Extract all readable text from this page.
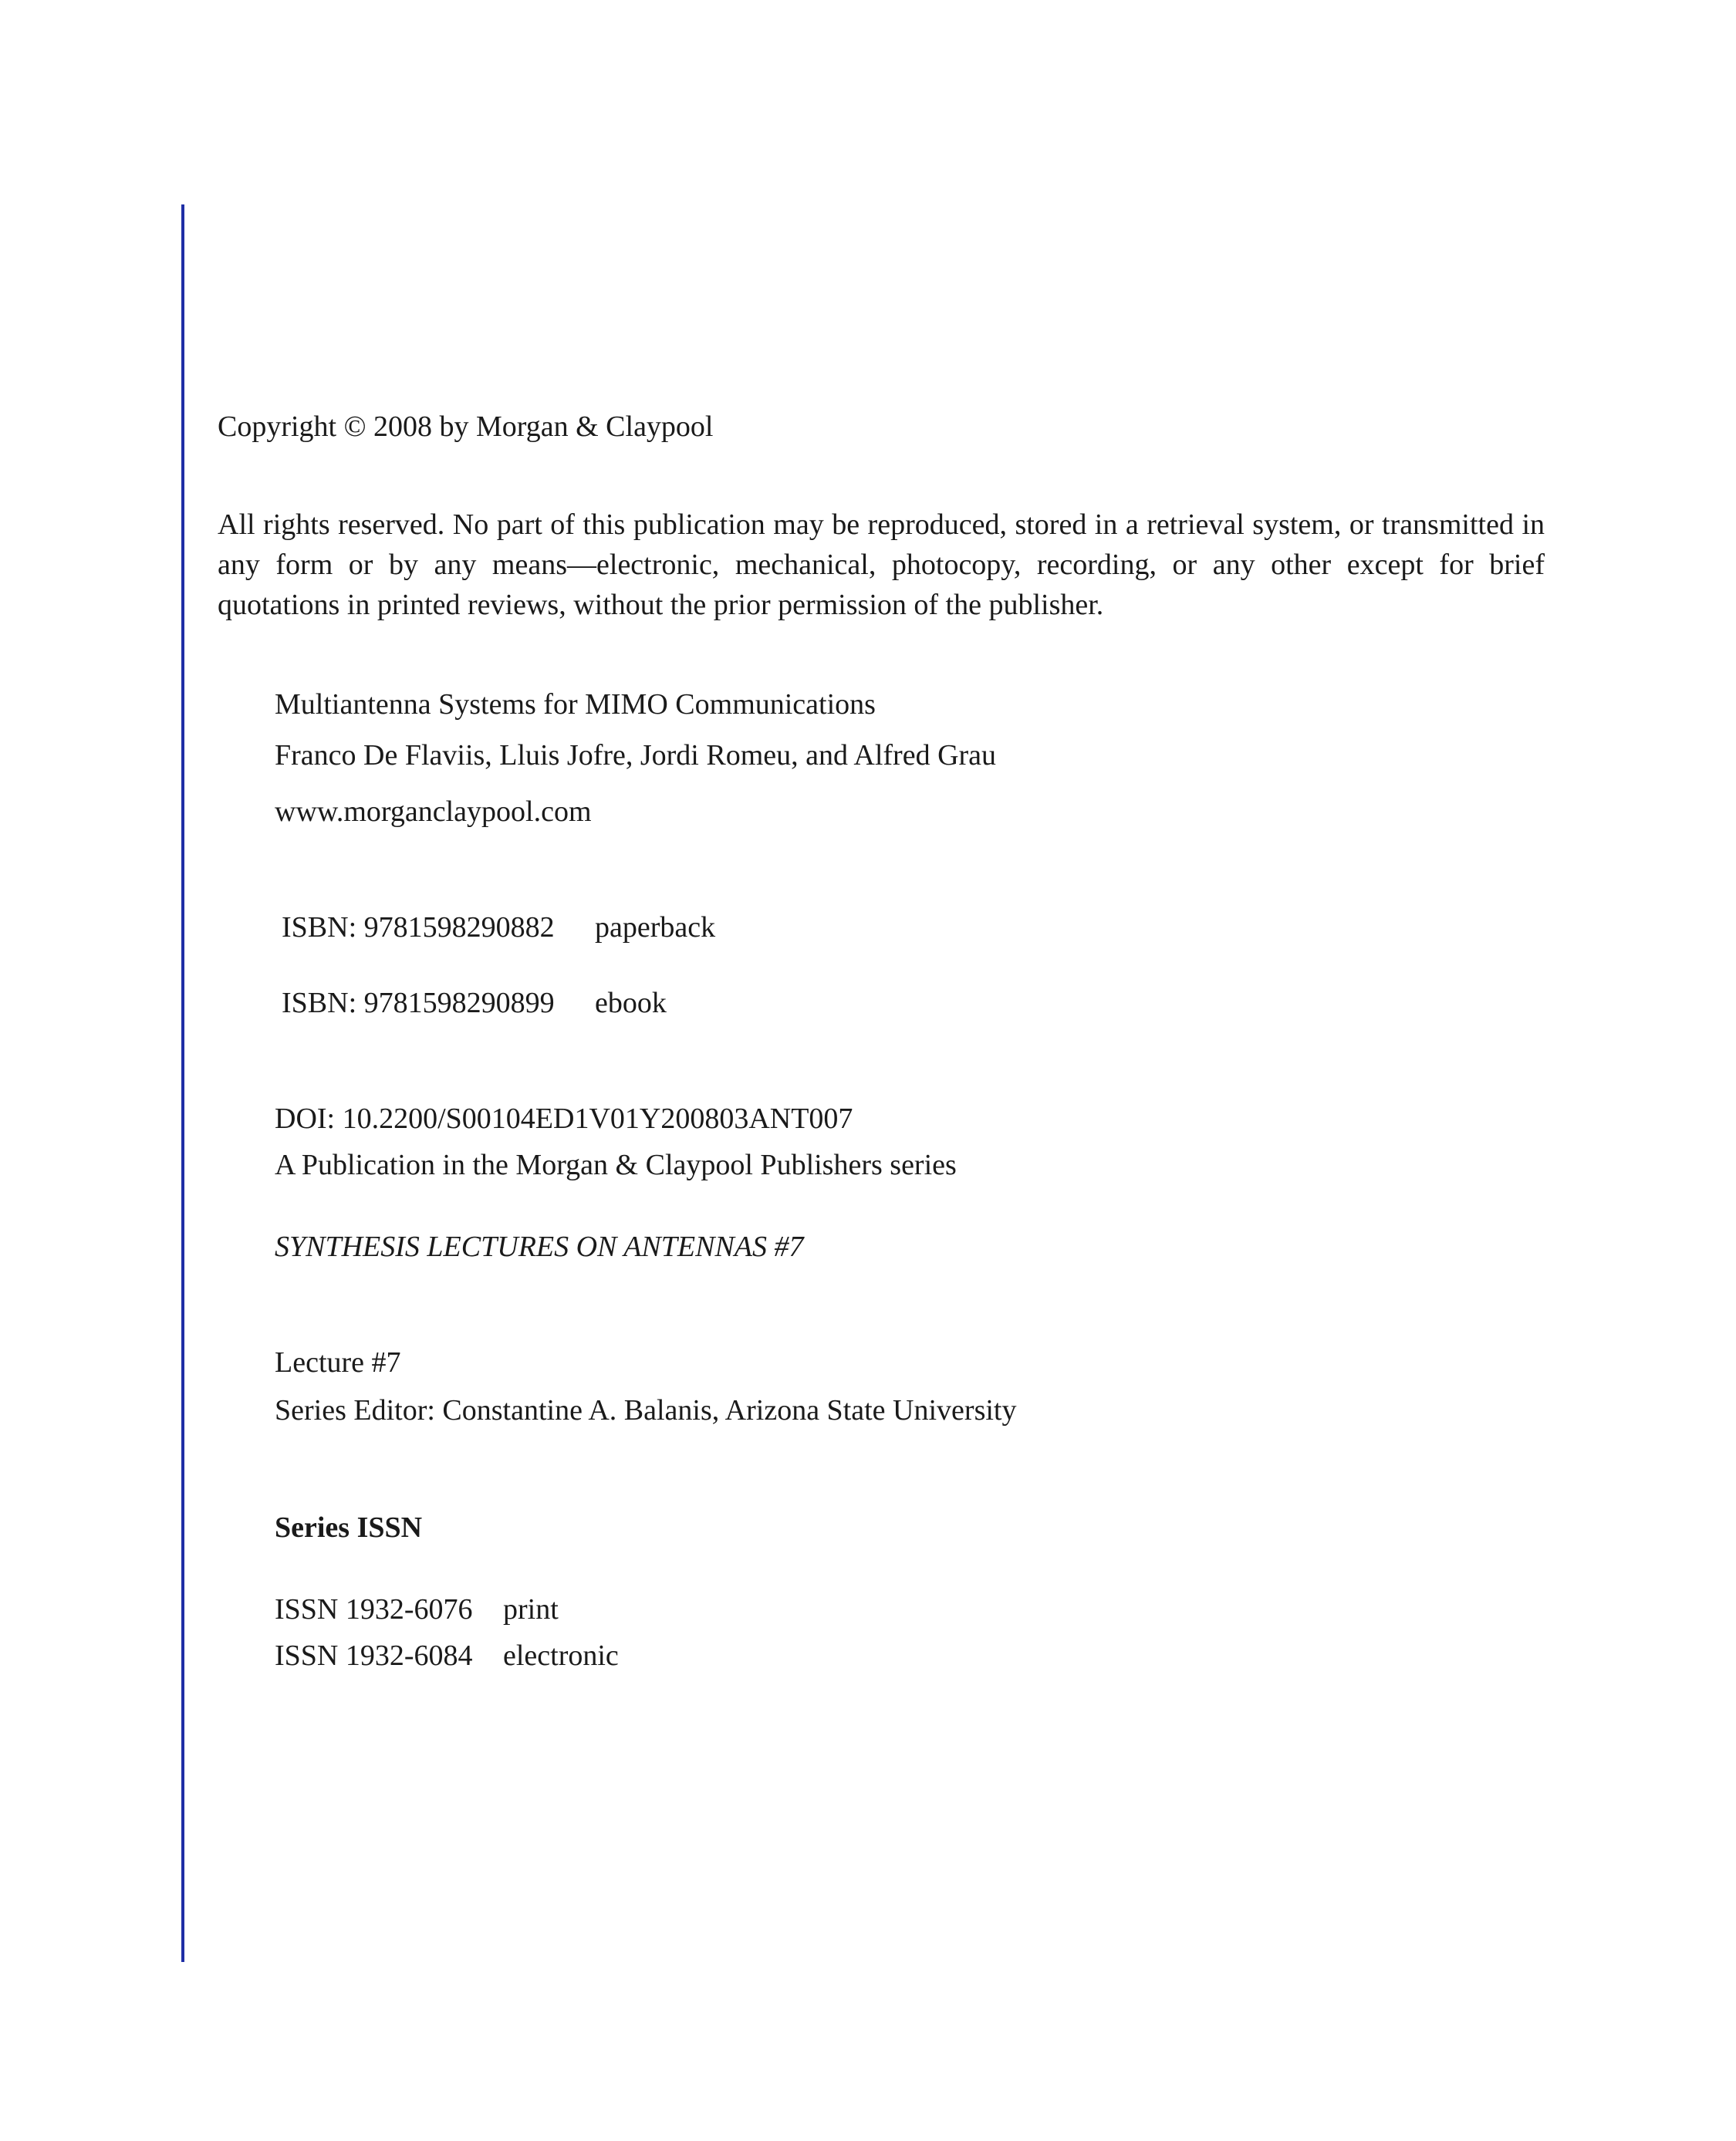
Copyright © 2008 by Morgan & Claypool
All rights reserved. No part of this publication may be reproduced, stored in a retrieval system, or transmitted in any form or by any means—electronic, mechanical, photocopy, recording, or any other except for brief quotations in printed reviews, without the prior permission of the publisher.
Multiantenna Systems for MIMO Communications
Franco De Flaviis, Lluis Jofre, Jordi Romeu, and Alfred Grau
www.morganclaypool.com
ISBN: 9781598290882	paperback
ISBN: 9781598290899	ebook
DOI: 10.2200/S00104ED1V01Y200803ANT007
A Publication in the Morgan & Claypool Publishers series
SYNTHESIS LECTURES ON ANTENNAS #7
Lecture #7
Series Editor: Constantine A. Balanis, Arizona State University
Series ISSN
ISSN 1932-6076	print
ISSN 1932-6084	electronic
